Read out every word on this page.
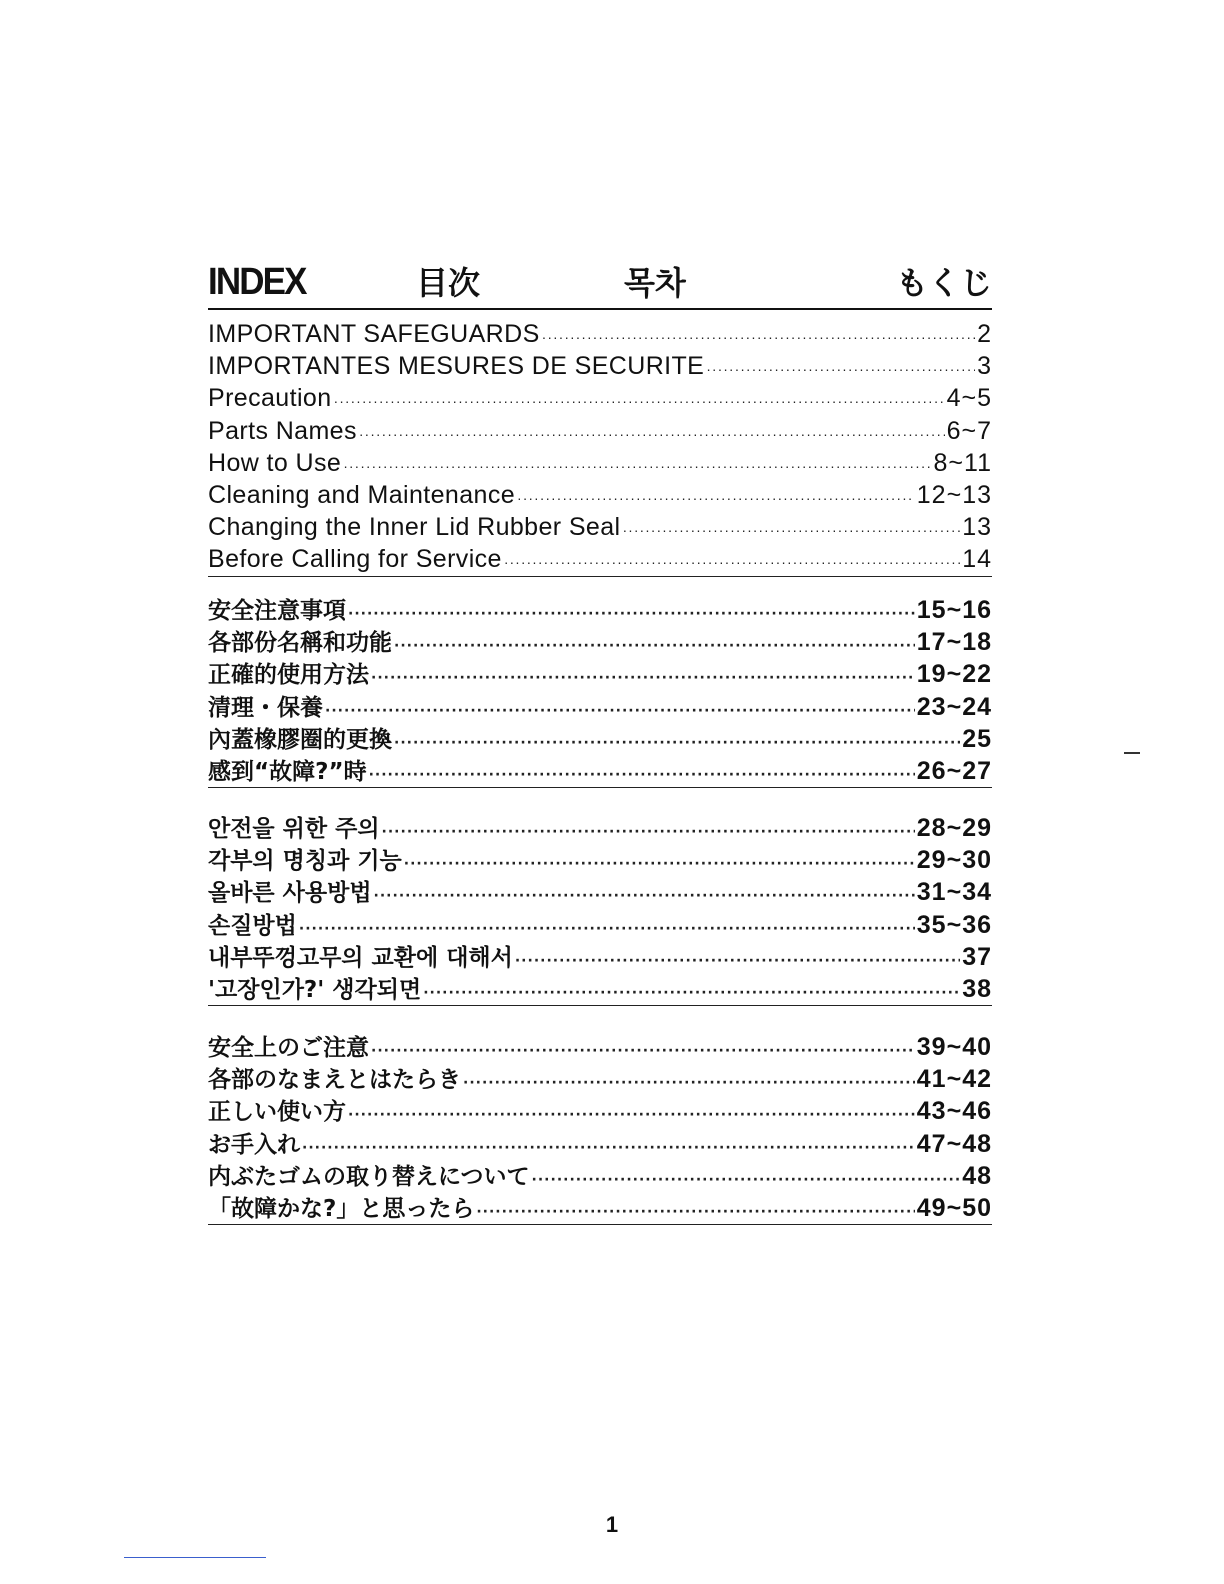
INDEX	目次	목차	もくじ
IMPORTANT SAFEGUARDS ·····	2
IMPORTANTES MESURES DE SECURITE ·····	3
Precaution ·····	4~5
Parts Names ·····	6~7
How to Use ·····	8~11
Cleaning and Maintenance ·····	12~13
Changing the Inner Lid Rubber Seal ·····	13
Before Calling for Service ·····	14
安全注意事項 ·····	15~16
各部份名稱和功能 ·····	17~18
正確的使用方法 ·····	19~22
清理・保養 ·····	23~24
內蓋橡膠圈的更換 ·····	25
感到“故障?”時 ·····	26~27
안전을 위한 주의 ·····	28~29
각부의 명칭과 기능 ·····	29~30
올바른 사용방법 ·····	31~34
손질방법 ·····	35~36
내부뚜껑고무의 교환에 대해서 ·····	37
'고장인가?' 생각되면 ·····	38
安全上のご注意 ·····	39~40
各部のなまえとはたらき ·····	41~42
正しい使い方 ·····	43~46
お手入れ ·····	47~48
内ぶたゴムの取り替えについて ·····	48
「故障かな?」と思ったら ·····	49~50
1
